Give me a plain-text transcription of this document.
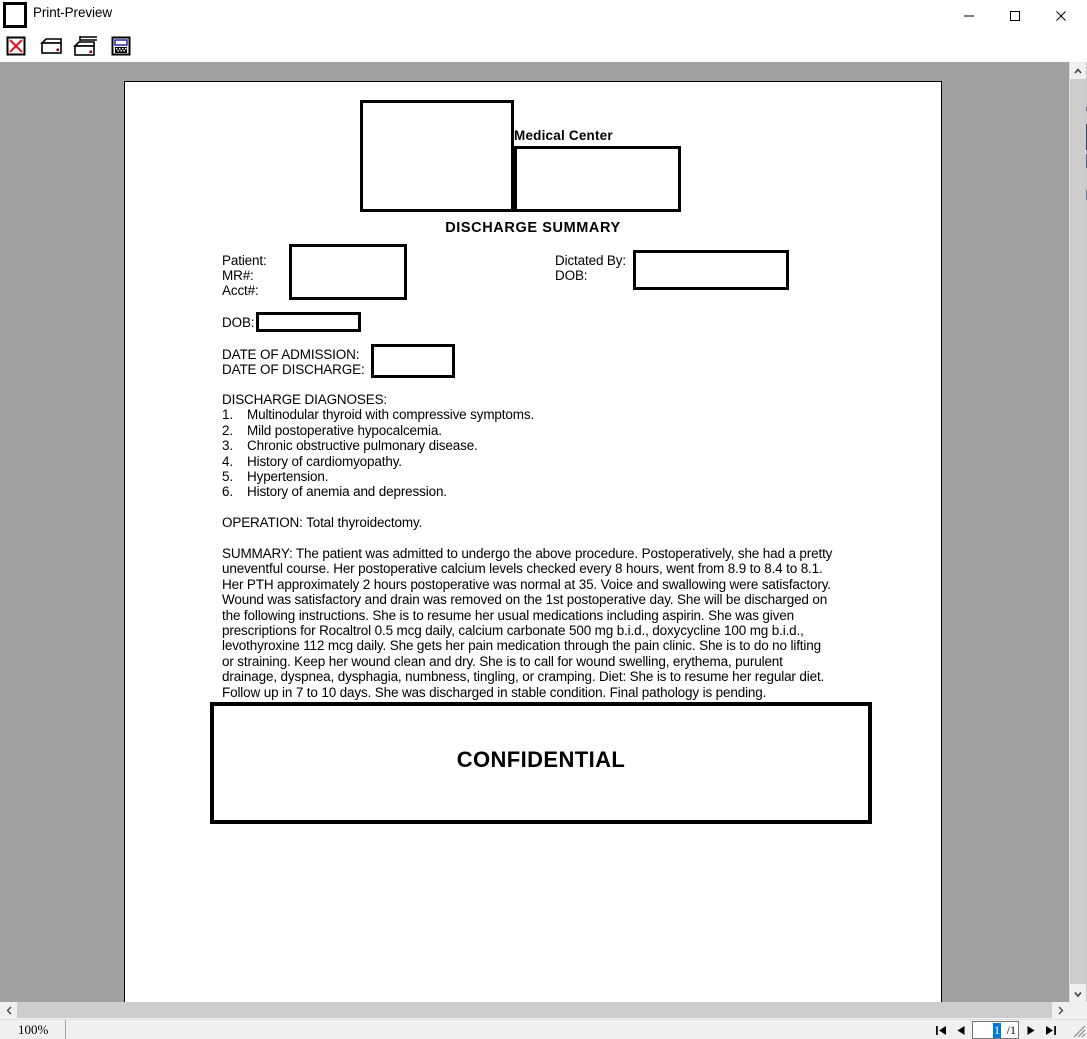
Print-Preview
Medical Center
DISCHARGE SUMMARY
Patient:
MR#:
Acct#:
Dictated By:
DOB:
DOB:
DATE OF ADMISSION:
DATE OF DISCHARGE:
DISCHARGE DIAGNOSES:
1.	Multinodular thyroid with compressive symptoms.
2.	Mild postoperative hypocalcemia.
3.	Chronic obstructive pulmonary disease.
4.	History of cardiomyopathy.
5.	Hypertension.
6.	History of anemia and depression.
OPERATION: Total thyroidectomy.
SUMMARY: The patient was admitted to undergo the above procedure. Postoperatively, she had a pretty
uneventful course. Her postoperative calcium levels checked every 8 hours, went from 8.9 to 8.4 to 8.1.
Her PTH approximately 2 hours postoperative was normal at 35. Voice and swallowing were satisfactory.
Wound was satisfactory and drain was removed on the 1st postoperative day. She will be discharged on
the following instructions. She is to resume her usual medications including aspirin. She was given
prescriptions for Rocaltrol 0.5 mcg daily, calcium carbonate 500 mg b.i.d., doxycycline 100 mg b.i.d.,
levothyroxine 112 mcg daily. She gets her pain medication through the pain clinic. She is to do no lifting
or straining. Keep her wound clean and dry. She is to call for wound swelling, erythema, purulent
drainage, dyspnea, dysphagia, numbness, tingling, or cramping. Diet: She is to resume her regular diet.
Follow up in 7 to 10 days. She was discharged in stable condition. Final pathology is pending.
CONFIDENTIAL
100%	1 /1
